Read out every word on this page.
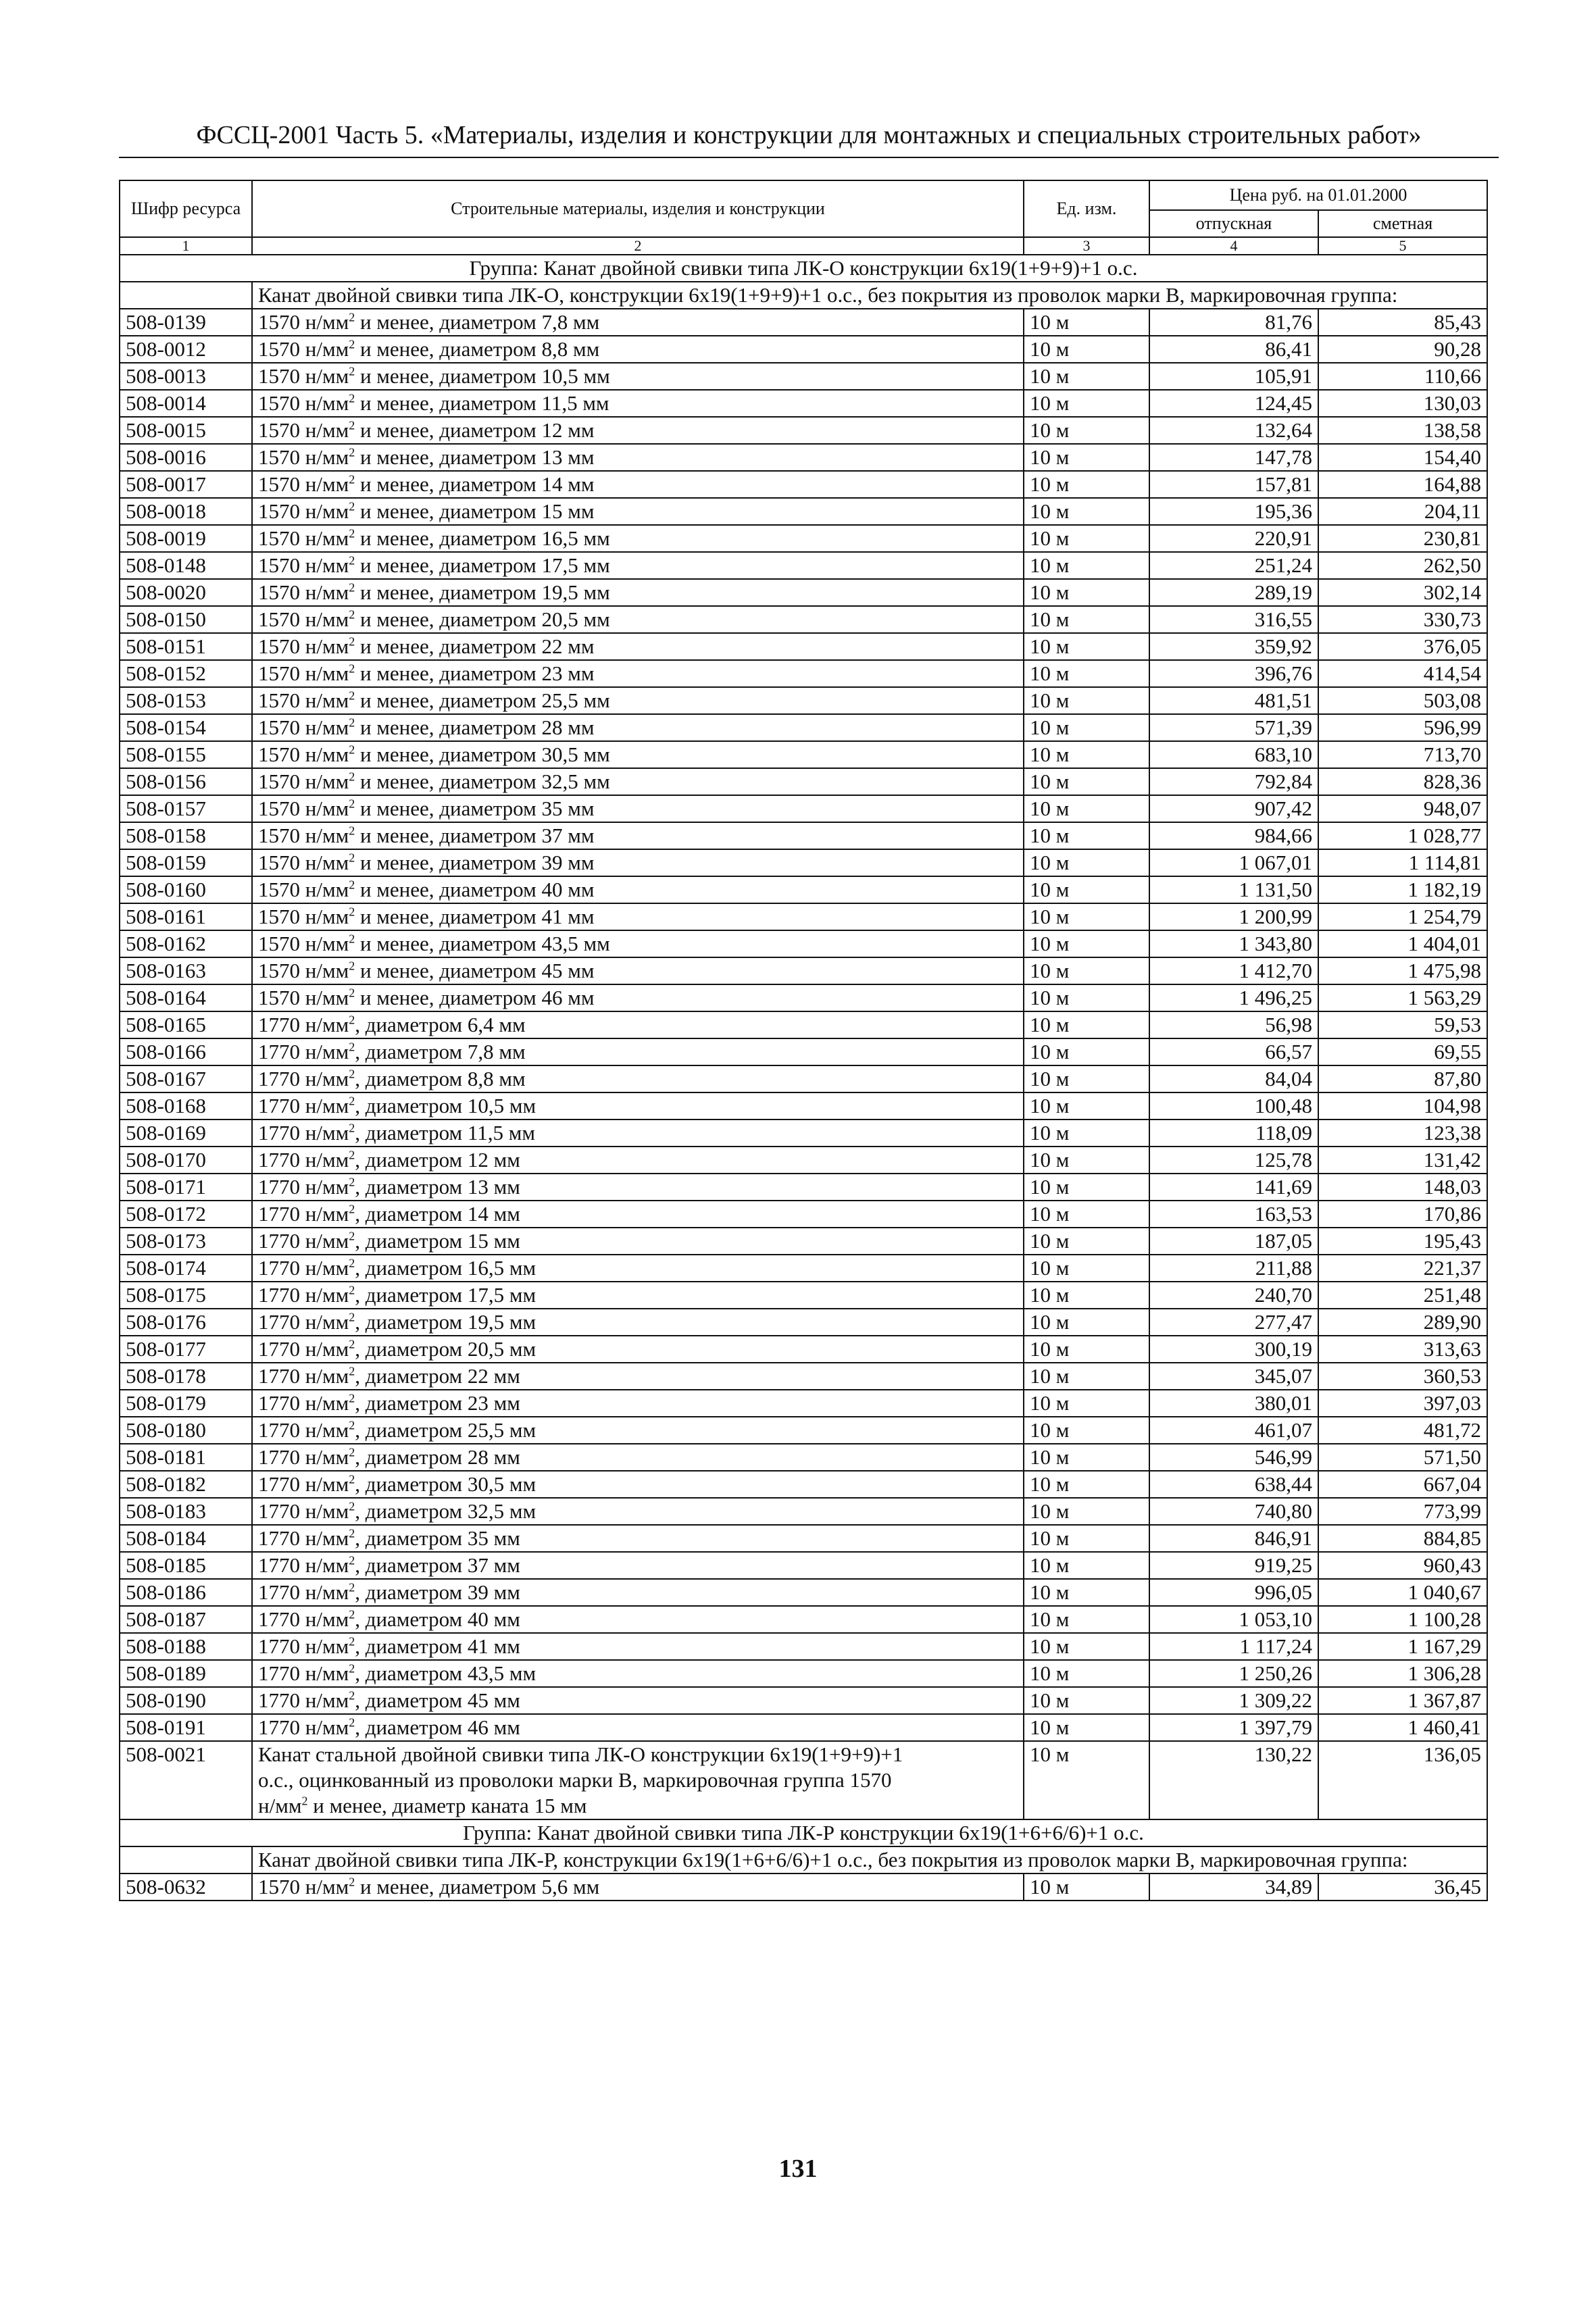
ФССЦ-2001 Часть 5. «Материалы, изделия и конструкции для монтажных и специальных строительных работ»
Шифр ресурса	Строительные материалы, изделия и конструкции	Ед. изм.	Цена руб. на 01.01.2000	
			отпускная	сметная
1	2	3	4	5
Группа: Канат двойной свивки типа ЛК-О конструкции 6х19(1+9+9)+1 о.с.				
	Канат двойной свивки типа ЛК-О, конструкции 6х19(1+9+9)+1 о.с., без покрытия из проволок марки В, маркировочная группа:			
508-0139	1570 $н/мм^2$ и менее, диаметром 7,8 мм	10 м	81,76	85,43
508-0012	1570 $н/мм^2$ и менее, диаметром 8,8 мм	10 м	86,41	90,28
508-0013	1570 $н/мм^2$ и менее, диаметром 10,5 мм	10 м	105,91	110,66
508-0014	1570 $н/мм^2$ и менее, диаметром 11,5 мм	10 м	124,45	130,03
508-0015	1570 $н/мм^2$ и менее, диаметром 12 мм	10 м	132,64	138,58
508-0016	1570 $н/мм^2$ и менее, диаметром 13 мм	10 м	147,78	154,40
508-0017	1570 $н/мм^2$ и менее, диаметром 14 мм	10 м	157,81	164,88
508-0018	1570 $н/мм^2$ и менее, диаметром 15 мм	10 м	195,36	204,11
508-0019	1570 $н/мм^2$ и менее, диаметром 16,5 мм	10 м	220,91	230,81
508-0148	1570 $н/мм^2$ и менее, диаметром 17,5 мм	10 м	251,24	262,50
508-0020	1570 $н/мм^2$ и менее, диаметром 19,5 мм	10 м	289,19	302,14
508-0150	1570 $н/мм^2$ и менее, диаметром 20,5 мм	10 м	316,55	330,73
508-0151	1570 $н/мм^2$ и менее, диаметром 22 мм	10 м	359,92	376,05
508-0152	1570 $н/мм^2$ и менее, диаметром 23 мм	10 м	396,76	414,54
508-0153	1570 $н/мм^2$ и менее, диаметром 25,5 мм	10 м	481,51	503,08
508-0154	1570 $н/мм^2$ и менее, диаметром 28 мм	10 м	571,39	596,99
508-0155	1570 $н/мм^2$ и менее, диаметром 30,5 мм	10 м	683,10	713,70
508-0156	1570 $н/мм^2$ и менее, диаметром 32,5 мм	10 м	792,84	828,36
508-0157	1570 $н/мм^2$ и менее, диаметром 35 мм	10 м	907,42	948,07
508-0158	1570 $н/мм^2$ и менее, диаметром 37 мм	10 м	984,66	1 028,77
508-0159	1570 $н/мм^2$ и менее, диаметром 39 мм	10 м	1 067,01	1 114,81
508-0160	1570 $н/мм^2$ и менее, диаметром 40 мм	10 м	1 131,50	1 182,19
508-0161	1570 $н/мм^2$ и менее, диаметром 41 мм	10 м	1 200,99	1 254,79
508-0162	1570 $н/мм^2$ и менее, диаметром 43,5 мм	10 м	1 343,80	1 404,01
508-0163	1570 $н/мм^2$ и менее, диаметром 45 мм	10 м	1 412,70	1 475,98
508-0164	1570 $н/мм^2$ и менее, диаметром 46 мм	10 м	1 496,25	1 563,29
508-0165	1770 $н/мм^2$, диаметром 6,4 мм	10 м	56,98	59,53
508-0166	1770 $н/мм^2$, диаметром 7,8 мм	10 м	66,57	69,55
508-0167	1770 $н/мм^2$, диаметром 8,8 мм	10 м	84,04	87,80
508-0168	1770 $н/мм^2$, диаметром 10,5 мм	10 м	100,48	104,98
508-0169	1770 $н/мм^2$, диаметром 11,5 мм	10 м	118,09	123,38
508-0170	1770 $н/мм^2$, диаметром 12 мм	10 м	125,78	131,42
508-0171	1770 $н/мм^2$, диаметром 13 мм	10 м	141,69	148,03
508-0172	1770 $н/мм^2$, диаметром 14 мм	10 м	163,53	170,86
508-0173	1770 $н/мм^2$, диаметром 15 мм	10 м	187,05	195,43
508-0174	1770 $н/мм^2$, диаметром 16,5 мм	10 м	211,88	221,37
508-0175	1770 $н/мм^2$, диаметром 17,5 мм	10 м	240,70	251,48
508-0176	1770 $н/мм^2$, диаметром 19,5 мм	10 м	277,47	289,90
508-0177	1770 $н/мм^2$, диаметром 20,5 мм	10 м	300,19	313,63
508-0178	1770 $н/мм^2$, диаметром 22 мм	10 м	345,07	360,53
508-0179	1770 $н/мм^2$, диаметром 23 мм	10 м	380,01	397,03
508-0180	1770 $н/мм^2$, диаметром 25,5 мм	10 м	461,07	481,72
508-0181	1770 $н/мм^2$, диаметром 28 мм	10 м	546,99	571,50
508-0182	1770 $н/мм^2$, диаметром 30,5 мм	10 м	638,44	667,04
508-0183	1770 $н/мм^2$, диаметром 32,5 мм	10 м	740,80	773,99
508-0184	1770 $н/мм^2$, диаметром 35 мм	10 м	846,91	884,85
508-0185	1770 $н/мм^2$, диаметром 37 мм	10 м	919,25	960,43
508-0186	1770 $н/мм^2$, диаметром 39 мм	10 м	996,05	1 040,67
508-0187	1770 $н/мм^2$, диаметром 40 мм	10 м	1 053,10	1 100,28
508-0188	1770 $н/мм^2$, диаметром 41 мм	10 м	1 117,24	1 167,29
508-0189	1770 $н/мм^2$, диаметром 43,5 мм	10 м	1 250,26	1 306,28
508-0190	1770 $н/мм^2$, диаметром 45 мм	10 м	1 309,22	1 367,87
508-0191	1770 $н/мм^2$, диаметром 46 мм	10 м	1 397,79	1 460,41
508-0021	Канат стальной двойной свивки типа ЛК-О конструкции 6х19(1+9+9)+1
о.с., оцинкованный из проволоки марки В, маркировочная группа 1570
$н/мм^2$ и менее, диаметр каната 15 мм	10 м	130,22	136,05
Группа: Канат двойной свивки типа ЛК-Р конструкции 6х19(1+6+6/6)+1 о.с.				
	Канат двойной свивки типа ЛК-Р, конструкции 6х19(1+6+6/6)+1 о.с., без покрытия из проволок марки В, маркировочная группа:			
508-0632	1570 $н/мм^2$ и менее, диаметром 5,6 мм	10 м	34,89	36,45
131
